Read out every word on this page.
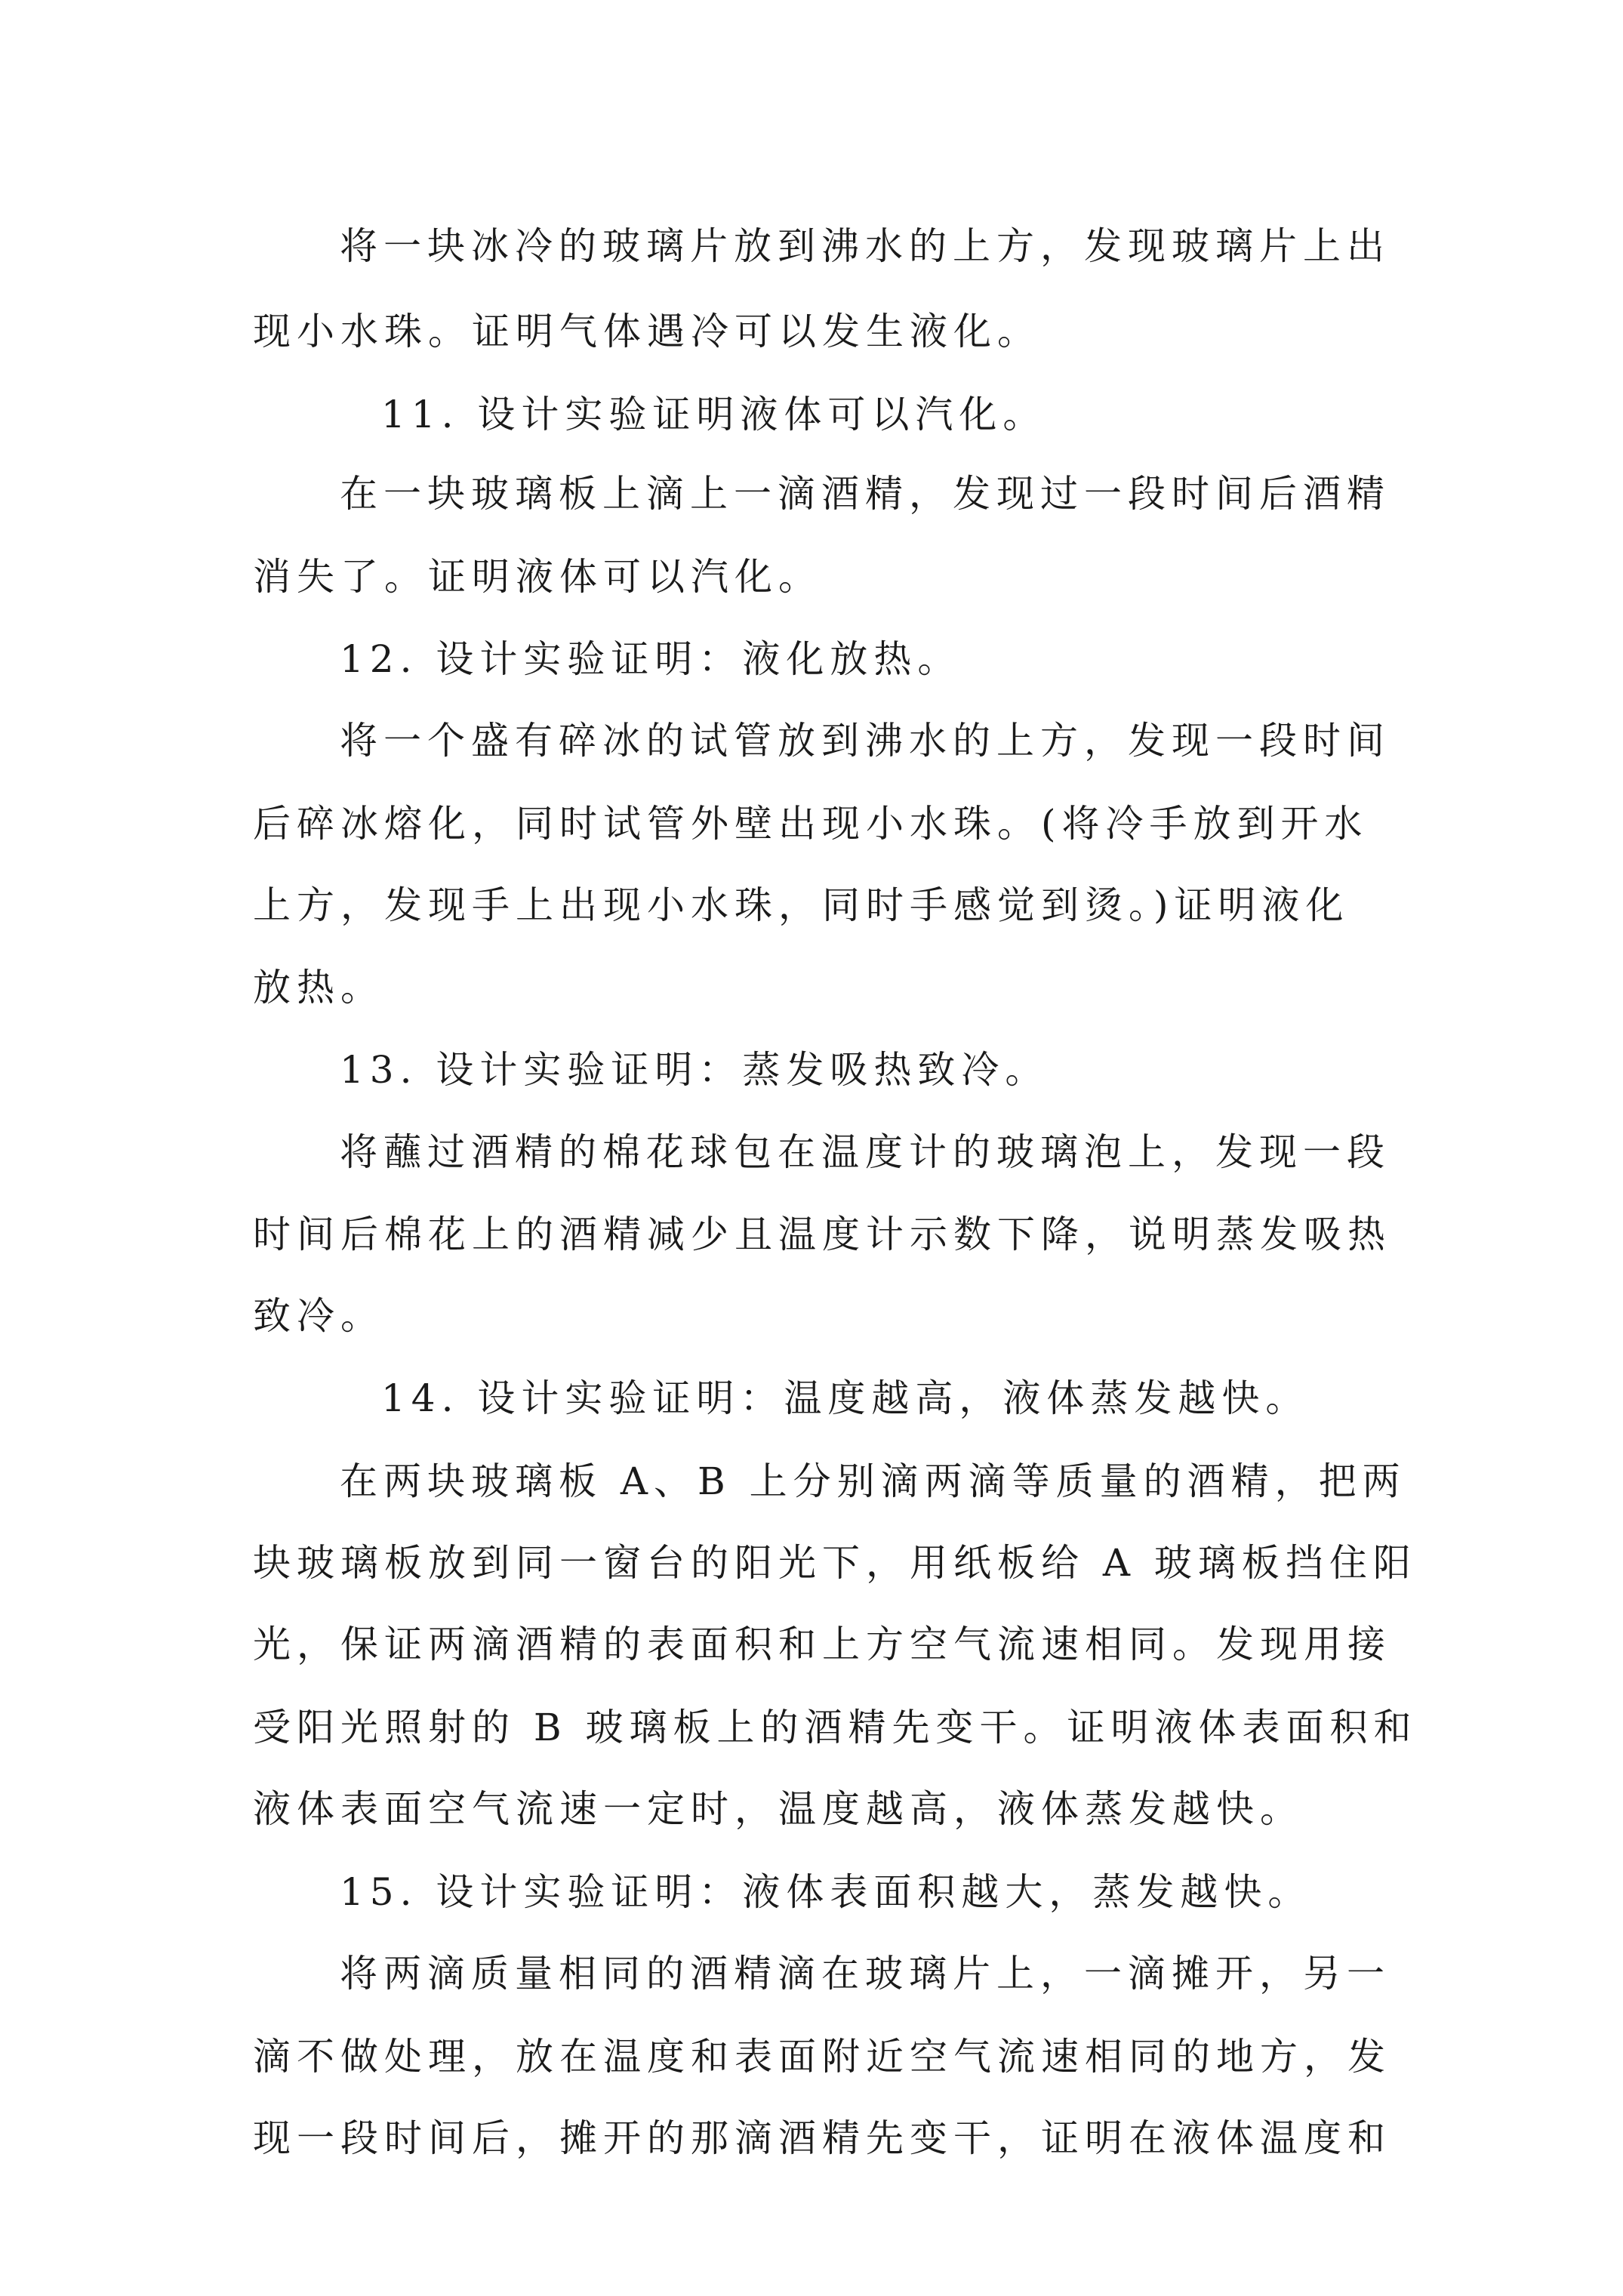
将一块冰冷的玻璃片放到沸水的上方，发现玻璃片上出
现小水珠。证明气体遇冷可以发生液化。
11. 设计实验证明液体可以汽化。
在一块玻璃板上滴上一滴酒精，发现过一段时间后酒精
消失了。证明液体可以汽化。
12. 设计实验证明：液化放热。
将一个盛有碎冰的试管放到沸水的上方，发现一段时间
后碎冰熔化，同时试管外壁出现小水珠。(将冷手放到开水
上方，发现手上出现小水珠，同时手感觉到烫。)证明液化
放热。
13. 设计实验证明：蒸发吸热致冷。
将蘸过酒精的棉花球包在温度计的玻璃泡上，发现一段
时间后棉花上的酒精减少且温度计示数下降，说明蒸发吸热
致冷。
14. 设计实验证明：温度越高，液体蒸发越快。
在两块玻璃板 A、B 上分别滴两滴等质量的酒精，把两
块玻璃板放到同一窗台的阳光下，用纸板给 A 玻璃板挡住阳
光，保证两滴酒精的表面积和上方空气流速相同。发现用接
受阳光照射的 B 玻璃板上的酒精先变干。证明液体表面积和
液体表面空气流速一定时，温度越高，液体蒸发越快。
15. 设计实验证明：液体表面积越大，蒸发越快。
将两滴质量相同的酒精滴在玻璃片上，一滴摊开，另一
滴不做处理，放在温度和表面附近空气流速相同的地方，发
现一段时间后，摊开的那滴酒精先变干，证明在液体温度和
